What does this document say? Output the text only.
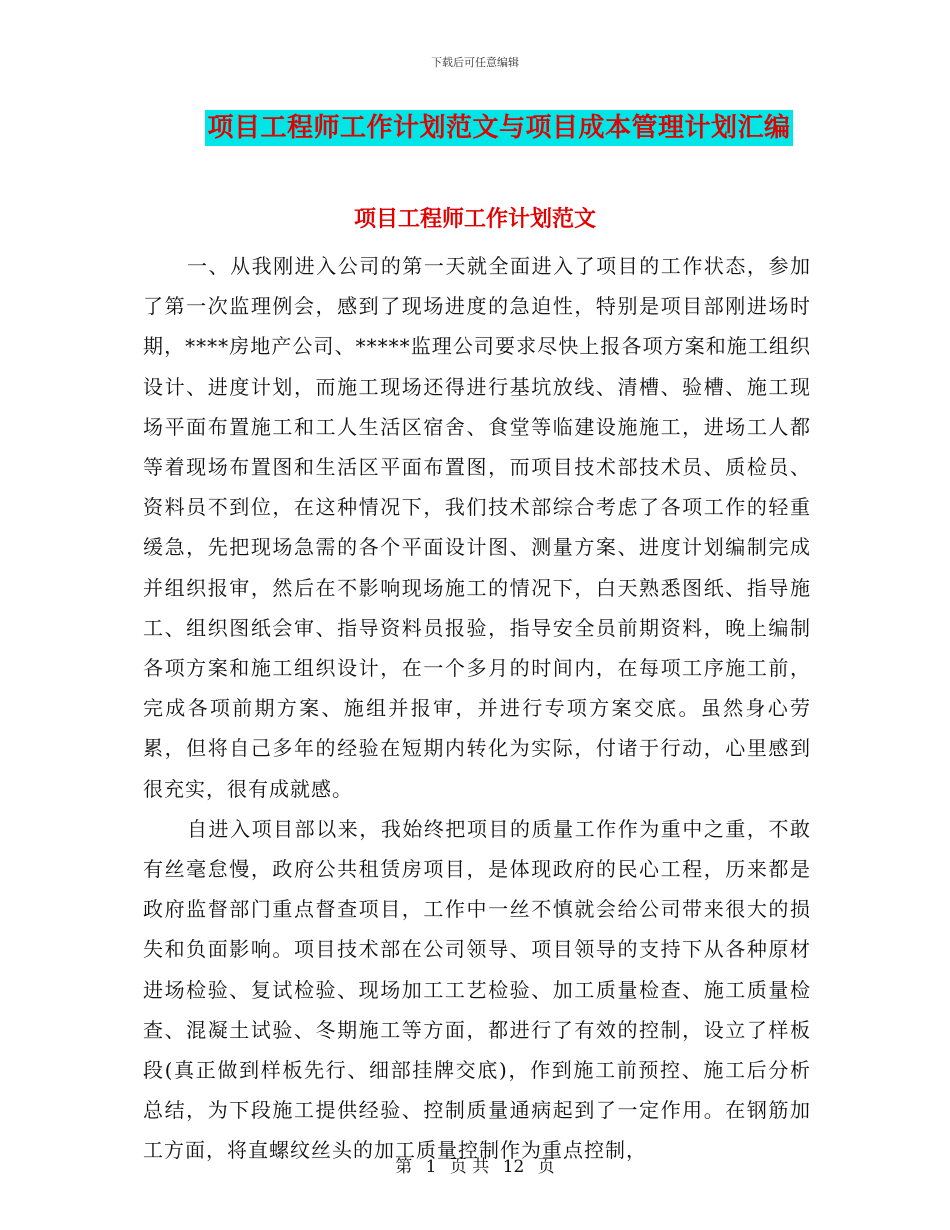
下载后可任意编辑
项目工程师工作计划范文与项目成本管理计划汇编
项目工程师工作计划范文

一、从我刚进入公司的第一天就全面进入了项目的工作状态，参加了第一次监理例会，感到了现场进度的急迫性，特别是项目部刚进场时期，****房地产公司、*****监理公司要求尽快上报各项方案和施工组织设计、进度计划，而施工现场还得进行基坑放线、清槽、验槽、施工现场平面布置施工和工人生活区宿舍、食堂等临建设施施工，进场工人都等着现场布置图和生活区平面布置图，而项目技术部技术员、质检员、资料员不到位，在这种情况下，我们技术部综合考虑了各项工作的轻重缓急，先把现场急需的各个平面设计图、测量方案、进度计划编制完成并组织报审，然后在不影响现场施工的情况下，白天熟悉图纸、指导施工、组织图纸会审、指导资料员报验，指导安全员前期资料，晚上编制各项方案和施工组织设计，在一个多月的时间内，在每项工序施工前，完成各项前期方案、施组并报审，并进行专项方案交底。虽然身心劳累，但将自己多年的经验在短期内转化为实际，付诸于行动，心里感到很充实，很有成就感。

自进入项目部以来，我始终把项目的质量工作作为重中之重，不敢有丝毫怠慢，政府公共租赁房项目，是体现政府的民心工程，历来都是政府监督部门重点督查项目，工作中一丝不慎就会给公司带来很大的损失和负面影响。项目技术部在公司领导、项目领导的支持下从各种原材进场检验、复试检验、现场加工工艺检验、加工质量检查、施工质量检查、混凝土试验、冬期施工等方面，都进行了有效的控制，设立了样板段(真正做到样板先行、细部挂牌交底)，作到施工前预控、施工后分析总结，为下段施工提供经验、控制质量通病起到了一定作用。在钢筋加工方面，将直螺纹丝头的加工质量控制作为重点控制，

第 1 页 共 12 页
